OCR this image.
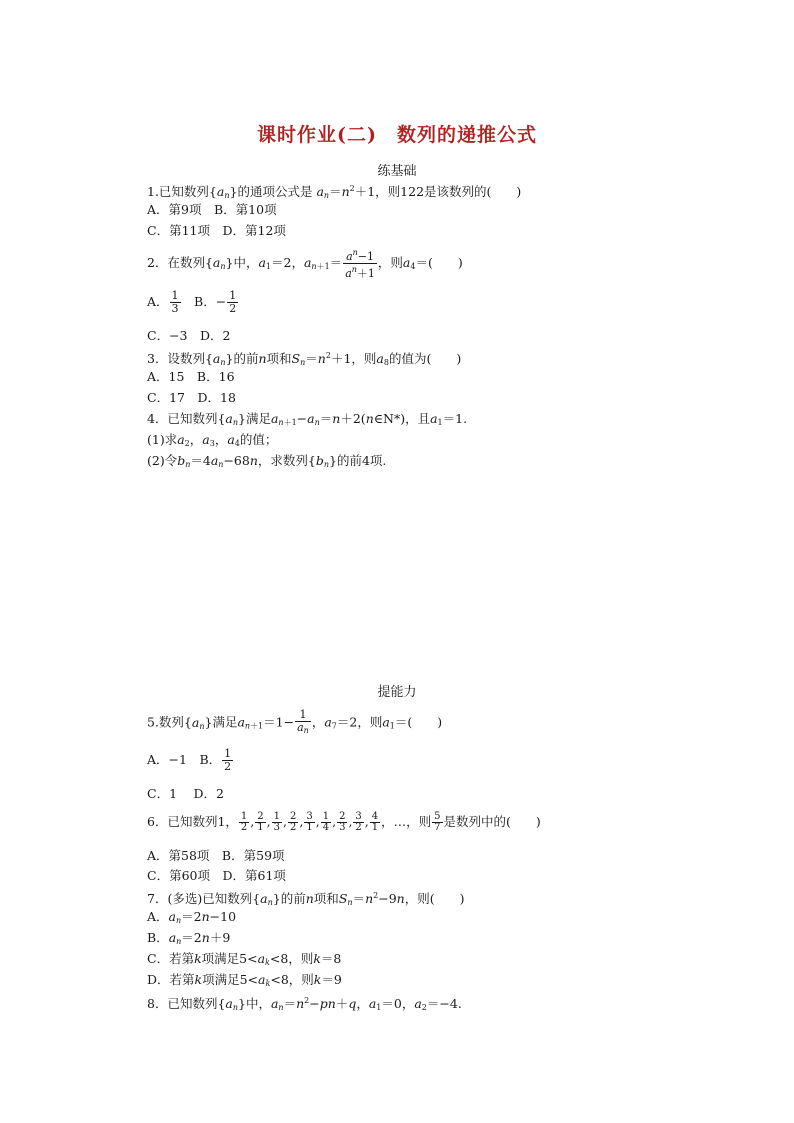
课时作业(二)　数列的递推公式
练基础
1.已知数列$\{a_n\}$的通项公式是 $a_n=n^2+1$，则122是该数列的(　　)
A．第9项　B．第10项
C．第11项　D．第12项
2．在数列$\{a_n\}$中，$a_1=2$，$a_{n+1}= \frac{a^n-1}{a^n+1}$ ，则$a_4=$(　　)
A． $\frac{1}{3}$
　 B．− $\frac{1}{2}$
C．−3　D．2
3．设数列$\{a_n\}$的前n项和$S_n=n^2+1$，则$a_8$的值为(　　)
A．15　B．16
C．17　D．18
4．已知数列$\{a_n\}$满足$a_{n+1}-a_n=n+2(n\in N*)$，且$a_1=1$.
(1)求$a_2$，$a_3$，$a_4$的值；
(2)令$b_n=4a_n-68n$，求数列$\{b_n\}$的前4项.
提能力
5.数列$\{a_n\}$满足$a_{n+1}=1- \frac{1}{a_n}$ ，$a_7=2$，则$a_1=$(　　)
A．−1　B． $\frac{1}{2}$
C．1　 D．2
6．已知数列1， $\frac{1}{2}$ , $\frac{2}{1}$ , $\frac{1}{3}$ , $\frac{2}{2}$ , $\frac{3}{1}$ , $\frac{1}{4}$ , $\frac{2}{3}$ , $\frac{3}{2}$ , $\frac{4}{1}$ ，…，则 $\frac{5}{7}$ 是数列中的(　　)
A．第58项　B．第59项
C．第60项　D．第61项
7．(多选)已知数列$\{a_n\}$的前n项和$S_n=n^2-9n$，则(　　)
A．$a_n=2n-10$
B．$a_n=2n+9$
C．若第k项满足$5<a_k<8$，则k＝8
D．若第k项满足$5<a_k<8$，则k＝9
8．已知数列$\{a_n\}$中，$a_n=n^2-pn+q$，$a_1=0$，$a_2=-4$.
